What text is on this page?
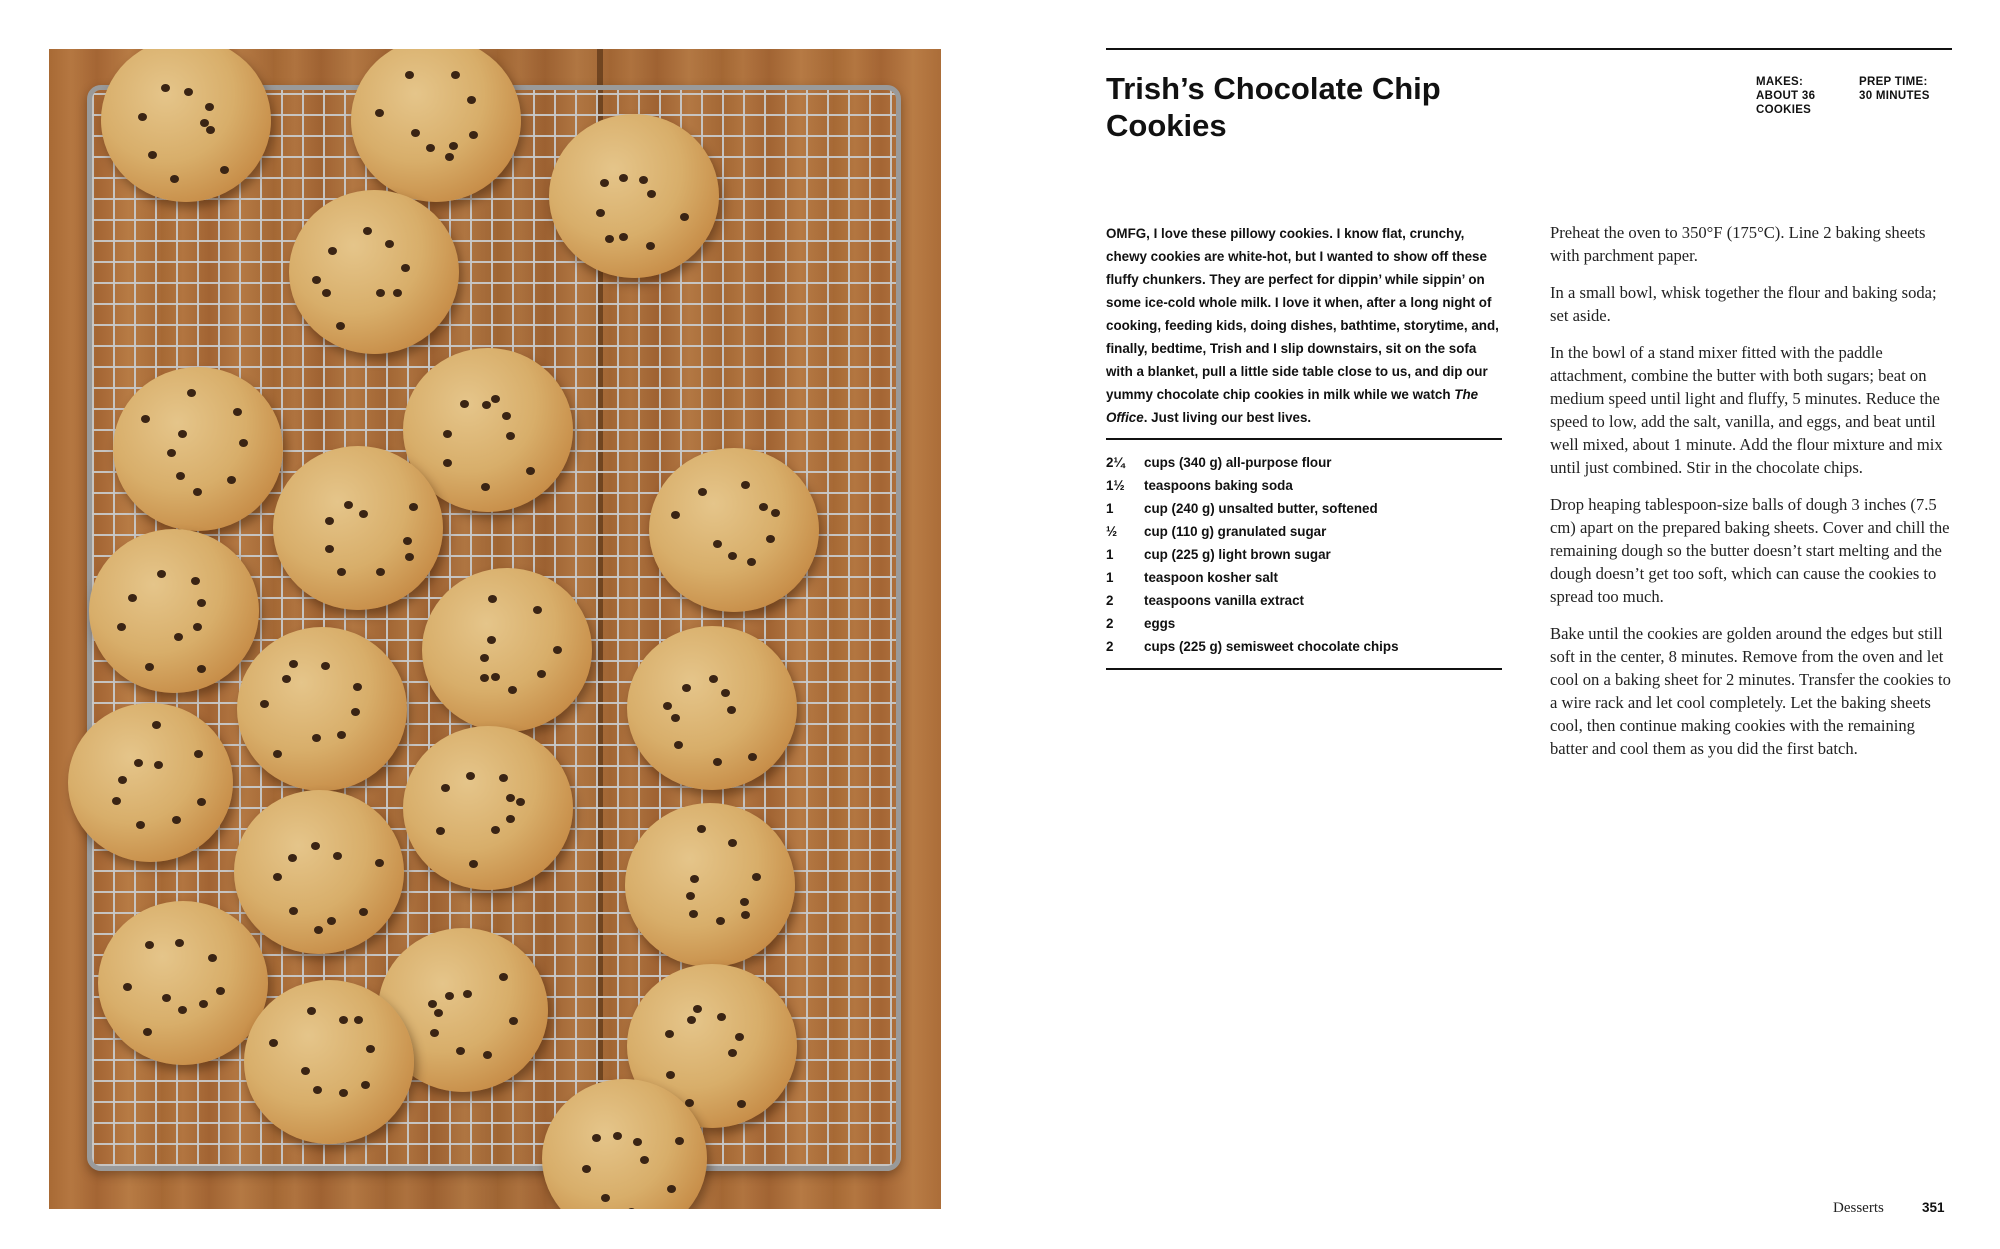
Trish’s Chocolate Chip Cookies
MAKES:
ABOUT 36 COOKIES
PREP TIME:
30 MINUTES

OMFG, I love these pillowy cookies. I know flat, crunchy, chewy cookies are white-hot, but I wanted to show off these fluffy chunkers. They are perfect for dippin’ while sippin’ on some ice-cold whole milk. I love it when, after a long night of cooking, feeding kids, doing dishes, bathtime, storytime, and, finally, bedtime, Trish and I slip downstairs, sit on the sofa with a blanket, pull a little side table close to us, and dip our yummy chocolate chip cookies in milk while we watch The Office. Just living our best lives.

2¼	cups (340 g) all-purpose flour
1½	teaspoons baking soda
1	cup (240 g) unsalted butter, softened
½	cup (110 g) granulated sugar
1	cup (225 g) light brown sugar
1	teaspoon kosher salt
2	teaspoons vanilla extract
2	eggs
2	cups (225 g) semisweet chocolate chips

Preheat the oven to 350°F (175°C). Line 2 baking sheets with parchment paper.

In a small bowl, whisk together the flour and baking soda; set aside.

In the bowl of a stand mixer fitted with the paddle attachment, combine the butter with both sugars; beat on medium speed until light and fluffy, 5 minutes. Reduce the speed to low, add the salt, vanilla, and eggs, and beat until well mixed, about 1 minute. Add the flour mixture and mix until just combined. Stir in the chocolate chips.

Drop heaping tablespoon-size balls of dough 3 inches (7.5 cm) apart on the prepared baking sheets. Cover and chill the remaining dough so the butter doesn’t start melting and the dough doesn’t get too soft, which can cause the cookies to spread too much.

Bake until the cookies are golden around the edges but still soft in the center, 8 minutes. Remove from the oven and let cool on a baking sheet for 2 minutes. Transfer the cookies to a wire rack and let cool completely. Let the baking sheets cool, then continue making cookies with the remaining batter and cool them as you did the first batch.

Desserts	351
